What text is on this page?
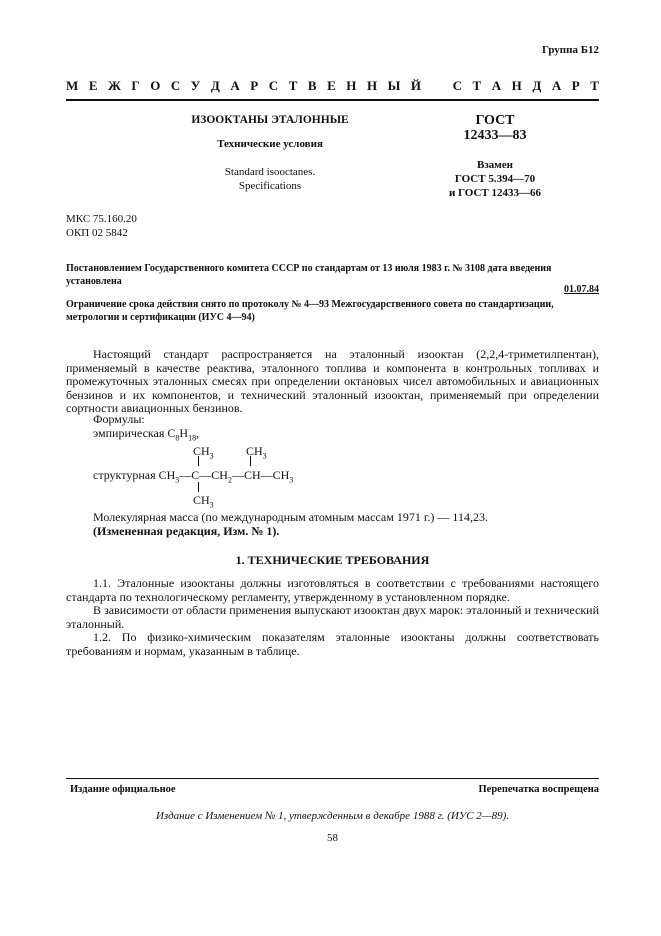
Группа Б12
М Е Ж Г О С У Д А Р С Т В Е Н Н Ы Й С Т А Н Д А Р Т
ИЗООКТАНЫ ЭТАЛОННЫЕ
Технические условия
Standard isooctanes.
Specifications
ГОСТ
12433—83
Взамен
ГОСТ 5.394—70
и ГОСТ 12433—66
МКС 75.160.20
ОКП 02 5842
Постановлением Государственного комитета СССР по стандартам от 13 июля 1983 г. № 3108 дата введения установлена
01.07.84
Ограничение срока действия снято по протоколу № 4—93 Межгосударственного совета по стандартизации, метрологии и сертификации (ИУС 4—94)
Настоящий стандарт распространяется на эталонный изооктан (2,2,4-триметилпентан), применяемый в качестве реактива, эталонного топлива и компонента в контрольных топливах и промежуточных эталонных смесях при определении октановых чисел автомобильных и авиационных бензинов и их компонентов, и технический эталонный изооктан, применяемый при определении сортности авиационных бензинов.
Формулы:
эмпирическая $C_8H_{18}$,
$CH_3$	$CH_3$
структурная $CH_3—C—CH_2—CH—CH_3$
$CH_3$
Молекулярная масса (по международным атомным массам 1971 г.) — 114,23.
(Измененная редакция, Изм. № 1).
1. ТЕХНИЧЕСКИЕ ТРЕБОВАНИЯ
1.1. Эталонные изооктаны должны изготовляться в соответствии с требованиями настоящего стандарта по технологическому регламенту, утвержденному в установленном порядке.
В зависимости от области применения выпускают изооктан двух марок: эталонный и технический эталонный.
1.2. По физико-химическим показателям эталонные изооктаны должны соответствовать требованиям и нормам, указанным в таблице.
Издание официальное	Перепечатка воспрещена
Издание с Изменением № 1, утвержденным в декабре 1988 г. (ИУС 2—89).
58
